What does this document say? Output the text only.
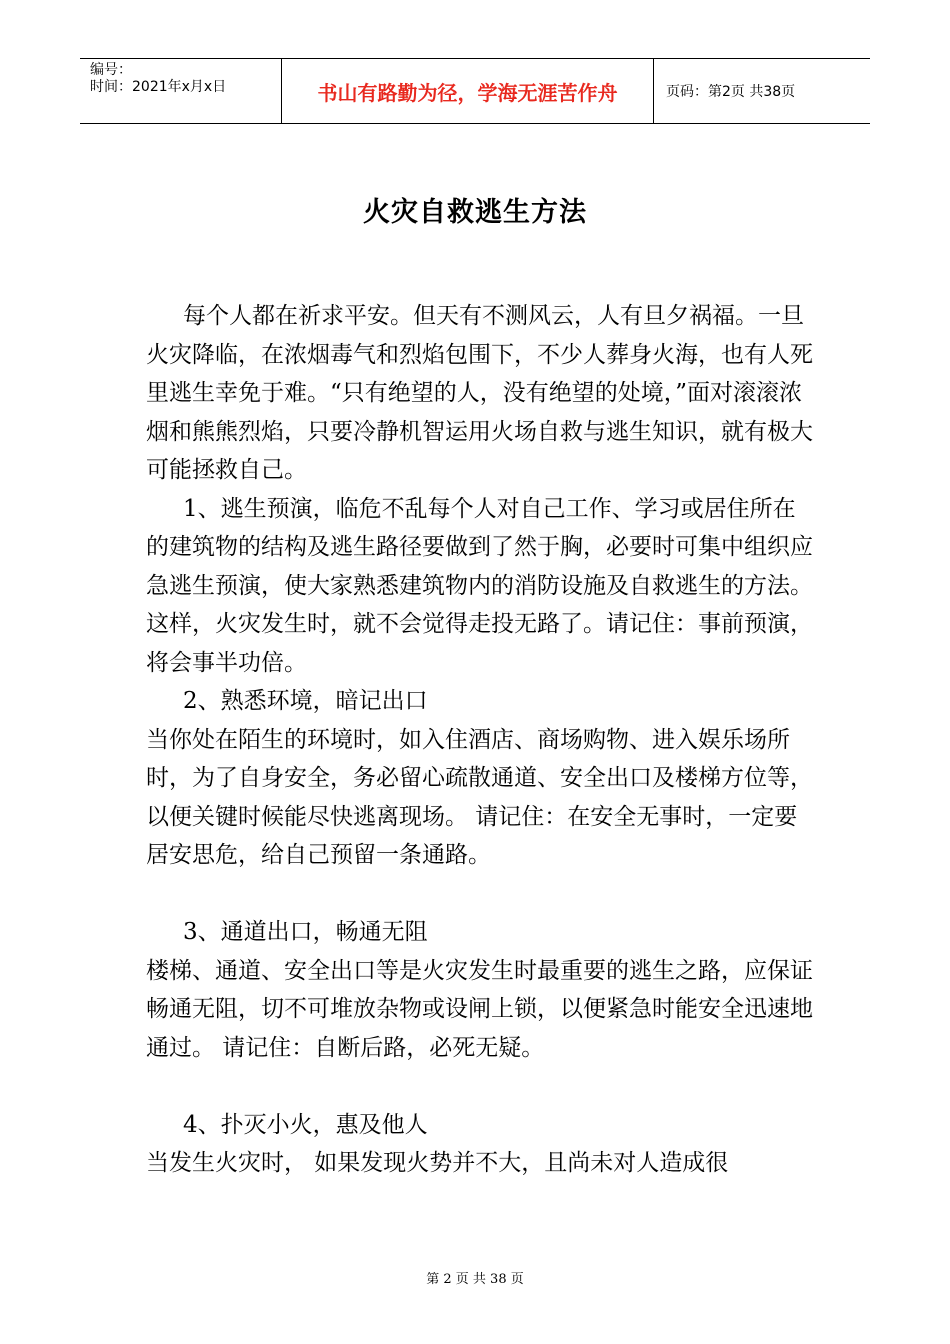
编号：
时间：2021年x月x日	书山有路勤为径，学海无涯苦作舟	页码：第2页 共38页
火灾自救逃生方法

每个人都在祈求平安。但天有不测风云，人有旦夕祸福。一旦火灾降临，在浓烟毒气和烈焰包围下，不少人葬身火海，也有人死里逃生幸免于难。“只有绝望的人，没有绝望的处境，”面对滚滚浓烟和熊熊烈焰，只要冷静机智运用火场自救与逃生知识，就有极大可能拯救自己。

1、逃生预演，临危不乱每个人对自己工作、学习或居住所在的建筑物的结构及逃生路径要做到了然于胸，必要时可集中组织应急逃生预演，使大家熟悉建筑物内的消防设施及自救逃生的方法。这样，火灾发生时，就不会觉得走投无路了。请记住：事前预演，将会事半功倍。

2、熟悉环境，暗记出口

当你处在陌生的环境时，如入住酒店、商场购物、进入娱乐场所时，为了自身安全，务必留心疏散通道、安全出口及楼梯方位等，以便关键时候能尽快逃离现场。 请记住：在安全无事时，一定要居安思危，给自己预留一条通路。

3、通道出口，畅通无阻

楼梯、通道、安全出口等是火灾发生时最重要的逃生之路，应保证畅通无阻，切不可堆放杂物或设闸上锁，以便紧急时能安全迅速地通过。 请记住：自断后路，必死无疑。

4、扑灭小火，惠及他人

当发生火灾时， 如果发现火势并不大，且尚未对人造成很

第 2 页 共 38 页
